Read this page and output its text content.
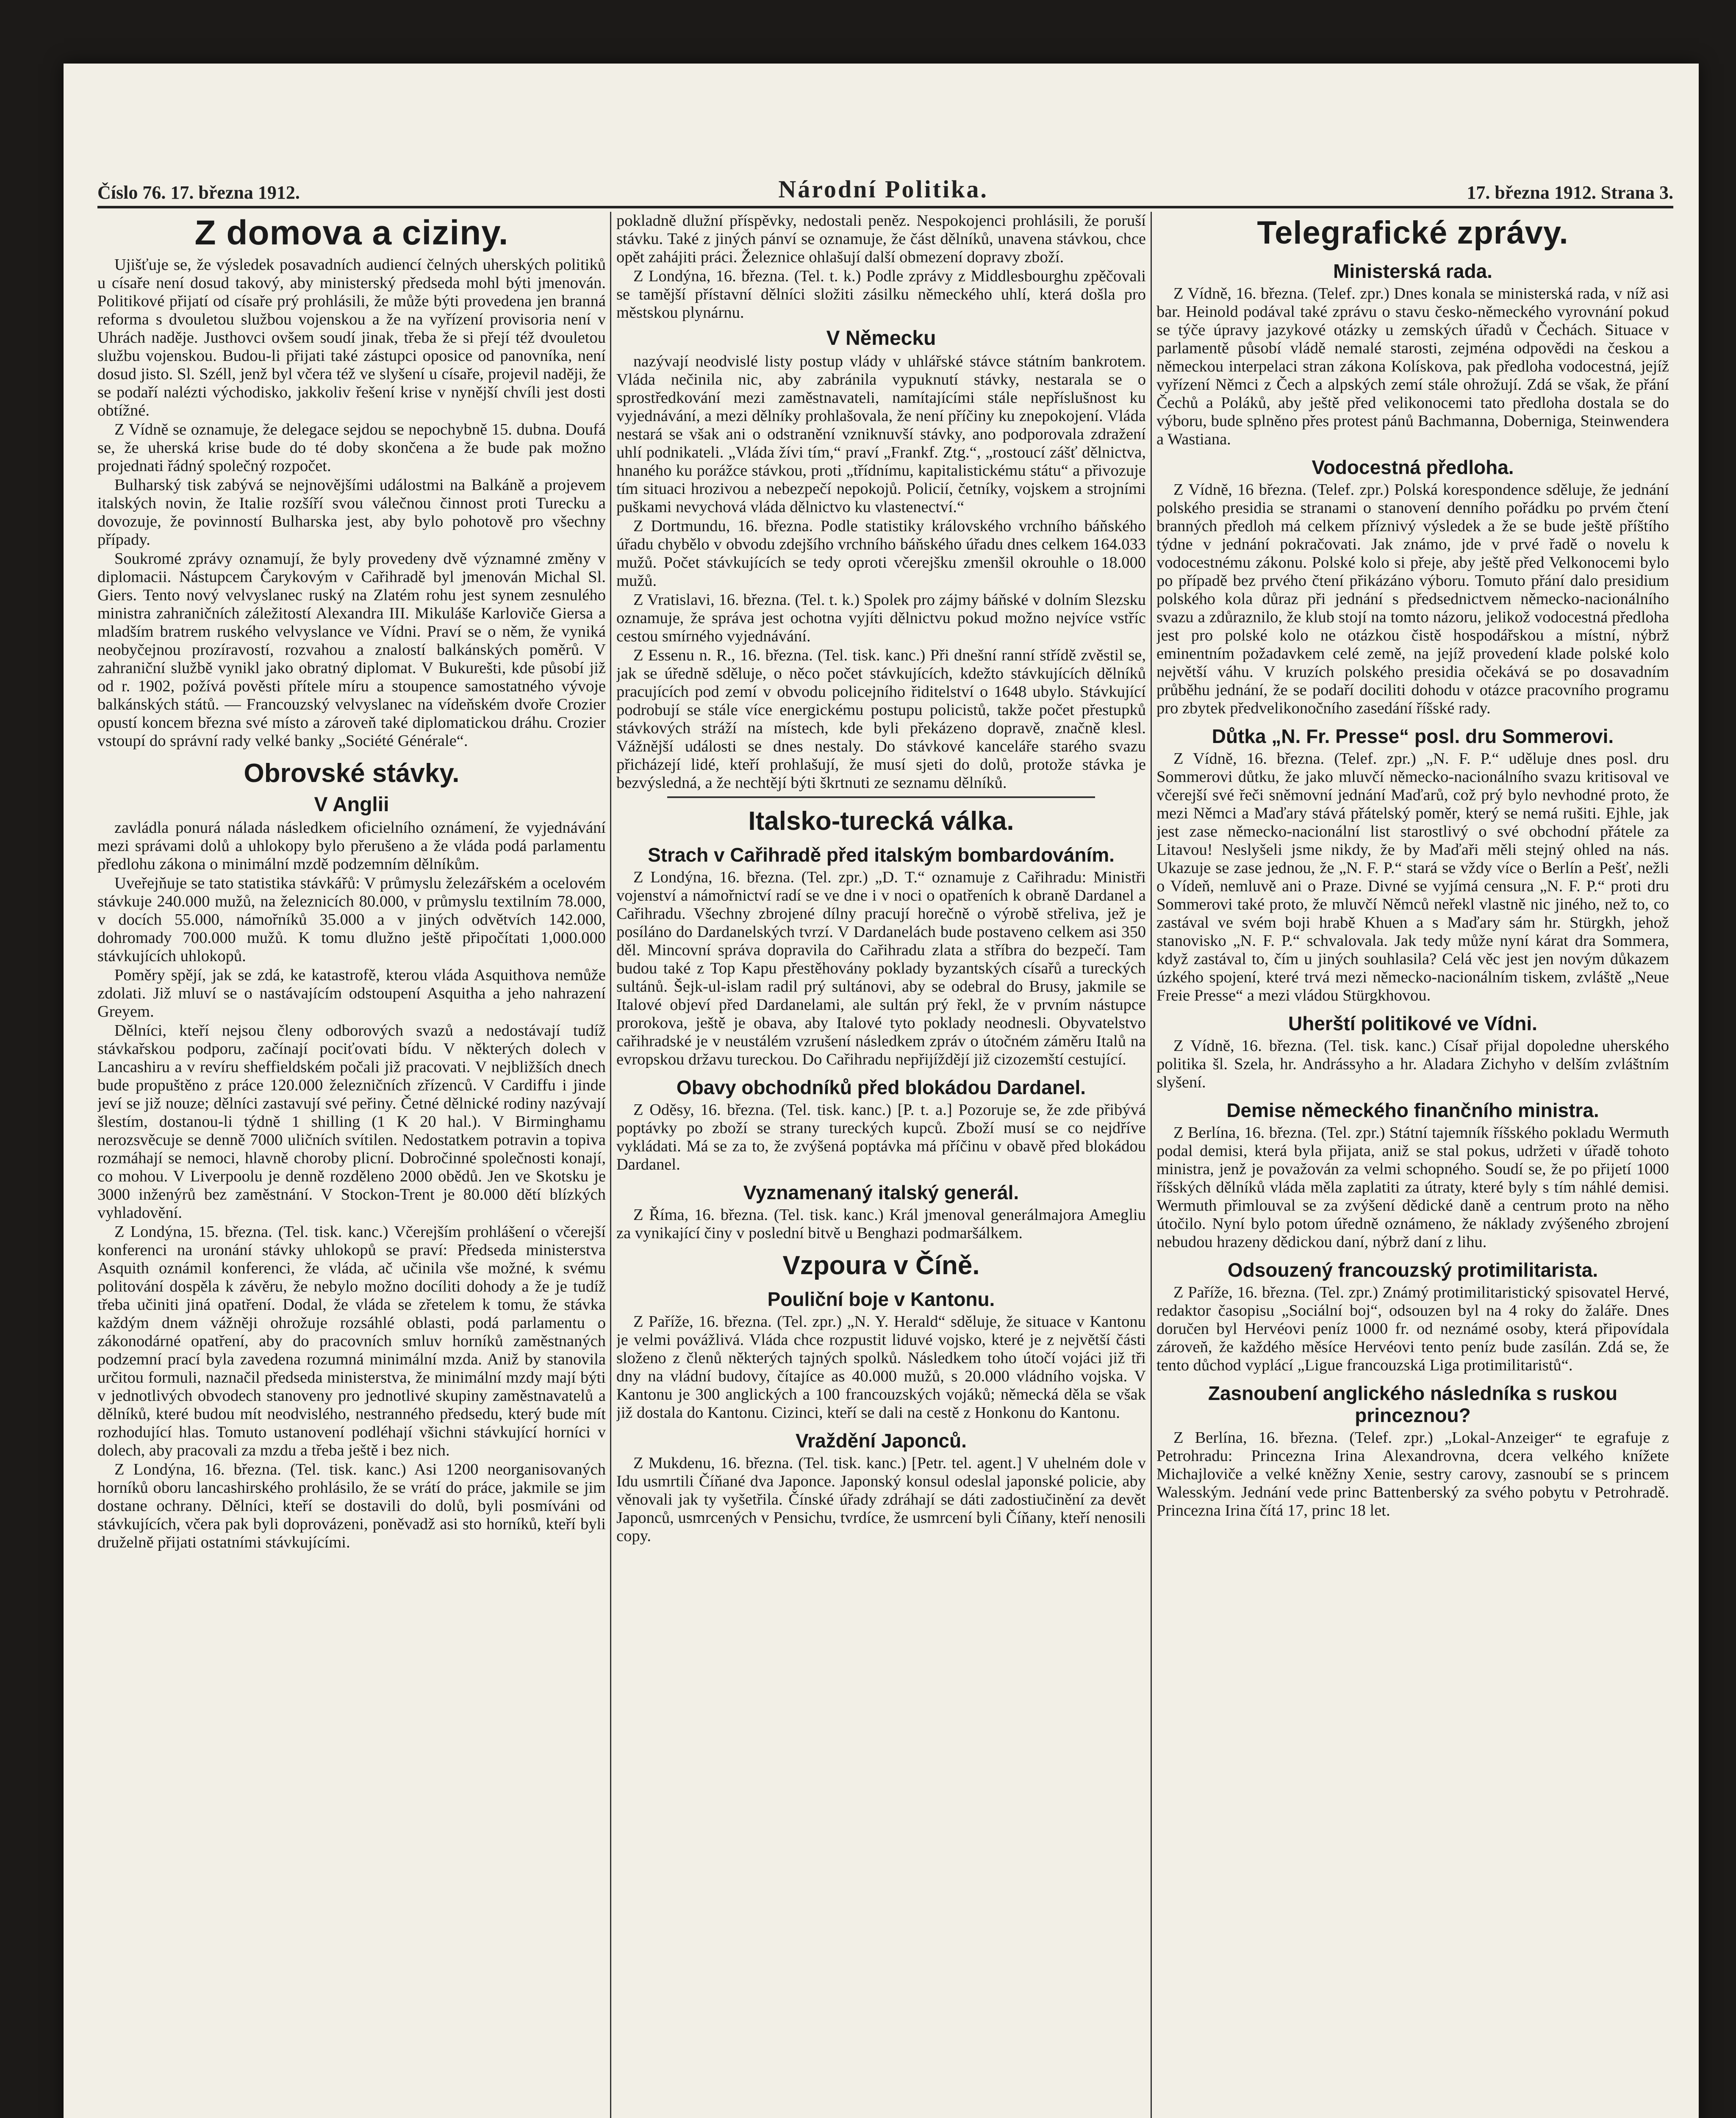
Číslo 76. 17. března 1912.	Národní Politika.	17. března 1912. Strana 3.
Z domova a ciziny.

Ujišťuje se, že výsledek posavadních audiencí čelných uherských politiků u císaře není dosud takový, aby ministerský předseda mohl býti jmenován. Politikové přijatí od císaře prý prohlásili, že může býti provedena jen branná reforma s dvouletou službou vojenskou a že na vyřízení provisoria není v Uhrách naděje. Justhovci ovšem soudí jinak, třeba že si přejí též dvouletou službu vojenskou. Budou-li přijati také zástupci oposice od panovníka, není dosud jisto. Sl. Széll, jenž byl včera též ve slyšení u císaře, projevil naději, že se podaří nalézti východisko, jakkoliv řešení krise v nynější chvíli jest dosti obtížné.

Z Vídně se oznamuje, že delegace sejdou se nepochybně 15. dubna. Doufá se, že uherská krise bude do té doby skončena a že bude pak možno projednati řádný společný rozpočet.

Bulharský tisk zabývá se nejnovějšími událostmi na Balkáně a projevem italských novin, že Italie rozšíří svou válečnou činnost proti Turecku a dovozuje, že povinností Bulharska jest, aby bylo pohotově pro všechny případy.

Soukromé zprávy oznamují, že byly provedeny dvě významné změny v diplomacii. Nástupcem Čarykovým v Cařihradě byl jmenován Michal Sl. Giers. Tento nový velvyslanec ruský na Zlatém rohu jest synem zesnulého ministra zahraničních záležitostí Alexandra III. Mikuláše Karloviče Giersa a mladším bratrem ruského velvyslance ve Vídni. Praví se o něm, že vyniká neobyčejnou prozíravostí, rozvahou a znalostí balkánských poměrů. V zahraniční službě vynikl jako obratný diplomat. V Bukurešti, kde působí již od r. 1902, požívá pověsti přítele míru a stoupence samostatného vývoje balkánských států. — Francouzský velvyslanec na vídeňském dvoře Crozier opustí koncem března své místo a zároveň také diplomatickou dráhu. Crozier vstoupí do správní rady velké banky „Société Générale“.

Obrovské stávky.
V Anglii

zavládla ponurá nálada následkem oficielního oznámení, že vyjednávání mezi správami dolů a uhlokopy bylo přerušeno a že vláda podá parlamentu předlohu zákona o minimální mzdě podzemním dělníkům.

Uveřejňuje se tato statistika stávkářů: V průmyslu železářském a ocelovém stávkuje 240.000 mužů, na železnicích 80.000, v průmyslu textilním 78.000, v docích 55.000, námořníků 35.000 a v jiných odvětvích 142.000, dohromady 700.000 mužů. K tomu dlužno ještě připočítati 1,000.000 stávkujících uhlokopů.

Poměry spějí, jak se zdá, ke katastrofě, kterou vláda Asquithova nemůže zdolati. Již mluví se o nastávajícím odstoupení Asquitha a jeho nahrazení Greyem.

Dělníci, kteří nejsou členy odborových svazů a nedostávají tudíž stávkařskou podporu, začínají pociťovati bídu. V některých dolech v Lancashiru a v revíru sheffieldském počali již pracovati. V nejbližších dnech bude propuštěno z práce 120.000 železničních zřízenců. V Cardiffu i jinde jeví se již nouze; dělníci zastavují své peřiny. Četné dělnické rodiny nazývají šlestím, dostanou-li týdně 1 shilling (1 K 20 hal.). V Birminghamu nerozsvěcuje se denně 7000 uličních svítilen. Nedostatkem potravin a topiva rozmáhají se nemoci, hlavně choroby plicní. Dobročinné společnosti konají, co mohou. V Liverpoolu je denně rozděleno 2000 obědů. Jen ve Skotsku je 3000 inženýrů bez zaměstnání. V Stockon-Trent je 80.000 dětí blízkých vyhladovění.

Z Londýna, 15. března. (Tel. tisk. kanc.) Včerejším prohlášení o včerejší konferenci na uronání stávky uhlokopů se praví: Předseda ministerstva Asquith oznámil konferenci, že vláda, ač učinila vše možné, k svému politování dospěla k závěru, že nebylo možno docíliti dohody a že je tudíž třeba učiniti jiná opatření. Dodal, že vláda se zřetelem k tomu, že stávka každým dnem vážněji ohrožuje rozsáhlé oblasti, podá parlamentu o zákonodárné opatření, aby do pracovních smluv horníků zaměstnaných podzemní prací byla zavedena rozumná minimální mzda. Aniž by stanovila určitou formuli, naznačil předseda ministerstva, že minimální mzdy mají býti v jednotlivých obvodech stanoveny pro jednotlivé skupiny zaměstnavatelů a dělníků, které budou mít neodvislého, nestranného předsedu, který bude mít rozhodující hlas. Tomuto ustanovení podléhají všichni stávkující horníci v dolech, aby pracovali za mzdu a třeba ještě i bez nich.

Z Londýna, 16. března. (Tel. tisk. kanc.) Asi 1200 neorganisovaných horníků oboru lancashirského prohlásilo, že se vrátí do práce, jakmile se jim dostane ochrany. Dělníci, kteří se dostavili do dolů, byli posmíváni od stávkujících, včera pak byli doprovázeni, poněvadž asi sto horníků, kteří byli druželně přijati ostatními stávkujícími.

pokladně dlužní příspěvky, nedostali peněz. Nespokojenci prohlásili, že poruší stávku. Také z jiných pánví se oznamuje, že část dělníků, unavena stávkou, chce opět zahájiti práci. Železnice ohlašují další obmezení dopravy zboží.

Z Londýna, 16. března. (Tel. t. k.) Podle zprávy z Middlesbourghu zpěčovali se tamější přístavní dělníci složiti zásilku německého uhlí, která došla pro městskou plynárnu.

V Německu

nazývají neodvislé listy postup vlády v uhlářské stávce státním bankrotem. Vláda nečinila nic, aby zabránila vypuknutí stávky, nestarala se o sprostředkování mezi zaměstnavateli, namítajícími stále nepříslušnost ku vyjednávání, a mezi dělníky prohlašovala, že není příčiny ku znepokojení. Vláda nestará se však ani o odstranění vzniknuvší stávky, ano podporovala zdražení uhlí podnikateli. „Vláda žívi tím,“ praví „Frankf. Ztg.“, „rostoucí zášť dělnictva, hnaného ku porážce stávkou, proti „třídnímu, kapitalistickému státu“ a přivozuje tím situaci hrozivou a nebezpečí nepokojů. Policií, četníky, vojskem a strojními puškami nevychová vláda dělnictvo ku vlastenectví.“

Z Dortmundu, 16. března. Podle statistiky královského vrchního báňského úřadu chybělo v obvodu zdejšího vrchního báňského úřadu dnes celkem 164.033 mužů. Počet stávkujících se tedy oproti včerejšku zmenšil okrouhle o 18.000 mužů.

Z Vratislavi, 16. března. (Tel. t. k.) Spolek pro zájmy báňské v dolním Slezsku oznamuje, že správa jest ochotna vyjíti dělnictvu pokud možno nejvíce vstříc cestou smírného vyjednávání.

Z Essenu n. R., 16. března. (Tel. tisk. kanc.) Při dnešní ranní střídě zvěstil se, jak se úředně sděluje, o něco počet stávkujících, kdežto stávkujících dělníků pracujících pod zemí v obvodu policejního řiditelství o 1648 ubylo. Stávkující podrobují se stále více energickému postupu policistů, takže počet přestupků stávkových stráží na místech, kde byli překázeno dopravě, značně klesl. Vážnější události se dnes nestaly. Do stávkové kanceláře starého svazu přicházejí lidé, kteří prohlašují, že musí sjeti do dolů, protože stávka je bezvýsledná, a že nechtějí býti škrtnuti ze seznamu dělníků.

Italsko-turecká válka.
Strach v Cařihradě před italským bombardováním.

Z Londýna, 16. března. (Tel. zpr.) „D. T.“ oznamuje z Cařihradu: Ministři vojenství a námořnictví radí se ve dne i v noci o opatřeních k obraně Dardanel a Cařihradu. Všechny zbrojené dílny pracují horečně o výrobě střeliva, jež je posíláno do Dardanelských tvrzí. V Dardanelách bude postaveno celkem asi 350 děl. Mincovní správa dopravila do Cařihradu zlata a stříbra do bezpečí. Tam budou také z Top Kapu přestěhovány poklady byzantských císařů a tureckých sultánů. Šejk-ul-islam radil prý sultánovi, aby se odebral do Brusy, jakmile se Italové objeví před Dardanelami, ale sultán prý řekl, že v prvním nástupce prorokova, ještě je obava, aby Italové tyto poklady neodnesli. Obyvatelstvo cařihradské je v neustálém vzrušení následkem zpráv o útočném záměru Italů na evropskou državu tureckou. Do Cařihradu nepřijíždějí již cizozemští cestující.

Obavy obchodníků před blokádou Dardanel.

Z Oděsy, 16. března. (Tel. tisk. kanc.) [P. t. a.] Pozoruje se, že zde přibývá poptávky po zboží se strany tureckých kupců. Zboží musí se co nejdříve vykládati. Má se za to, že zvýšená poptávka má příčinu v obavě před blokádou Dardanel.

Vyznamenaný italský generál.

Z Říma, 16. března. (Tel. tisk. kanc.) Král jmenoval generálmajora Amegliu za vynikající činy v poslední bitvě u Benghazi podmaršálkem.

Vzpoura v Číně.
Pouliční boje v Kantonu.

Z Paříže, 16. března. (Tel. zpr.) „N. Y. Herald“ sděluje, že situace v Kantonu je velmi povážlivá. Vláda chce rozpustit liduvé vojsko, které je z největší části složeno z členů některých tajných spolků. Následkem toho útočí vojáci již tři dny na vládní budovy, čítajíce as 40.000 mužů, s 20.000 vládního vojska. V Kantonu je 300 anglických a 100 francouzských vojáků; německá děla se však již dostala do Kantonu. Cizinci, kteří se dali na cestě z Honkonu do Kantonu.

Vraždění Japonců.

Z Mukdenu, 16. března. (Tel. tisk. kanc.) [Petr. tel. agent.] V uhelném dole v Idu usmrtili Číňané dva Japonce. Japonský konsul odeslal japonské policie, aby věnovali jak ty vyšetřila. Čínské úřady zdráhají se dáti zadostiučinění za devět Japonců, usmrcených v Pensichu, tvrdíce, že usmrcení byli Číňany, kteří nenosili copy.

Telegrafické zprávy.
Ministerská rada.

Z Vídně, 16. března. (Telef. zpr.) Dnes konala se ministerská rada, v níž asi bar. Heinold podával také zprávu o stavu česko-německého vyrovnání pokud se týče úpravy jazykové otázky u zemských úřadů v Čechách. Situace v parlamentě působí vládě nemalé starosti, zejména odpovědi na českou a německou interpelaci stran zákona Kolískova, pak předloha vodocestná, jejíž vyřízení Němci z Čech a alpských zemí stále ohrožují. Zdá se však, že přání Čechů a Poláků, aby ještě před velikonocemi tato předloha dostala se do výboru, bude splněno přes protest pánů Bachmanna, Doberniga, Steinwendera a Wastiana.

Vodocestná předloha.

Z Vídně, 16 března. (Telef. zpr.) Polská korespondence sděluje, že jednání polského presidia se stranami o stanovení denního pořádku po prvém čtení branných předloh má celkem příznivý výsledek a že se bude ještě příštího týdne v jednání pokračovati. Jak známo, jde v prvé řadě o novelu k vodocestnému zákonu. Polské kolo si přeje, aby ještě před Velkonocemi bylo po případě bez prvého čtení přikázáno výboru. Tomuto přání dalo presidium polského kola důraz při jednání s předsednictvem německo-nacionálního svazu a zdůraznilo, že klub stojí na tomto názoru, jelikož vodocestná předloha jest pro polské kolo ne otázkou čistě hospodářskou a místní, nýbrž eminentním požadavkem celé země, na jejíž provedení klade polské kolo největší váhu. V kruzích polského presidia očekává se po dosavadním průběhu jednání, že se podaří dociliti dohodu v otázce pracovního programu pro zbytek předvelikonočního zasedání říšské rady.

Důtka „N. Fr. Presse“ posl. dru Sommerovi.

Z Vídně, 16. března. (Telef. zpr.) „N. F. P.“ uděluje dnes posl. dru Sommerovi důtku, že jako mluvčí německo-nacionálního svazu kritisoval ve včerejší své řeči sněmovní jednání Maďarů, což prý bylo nevhodné proto, že mezi Němci a Maďary stává přátelský poměr, který se nemá rušiti. Ejhle, jak jest zase německo-nacionální list starostlivý o své obchodní přátele za Litavou! Neslyšeli jsme nikdy, že by Maďaři měli stejný ohled na nás. Ukazuje se zase jednou, že „N. F. P.“ stará se vždy více o Berlín a Pešť, nežli o Vídeň, nemluvě ani o Praze. Divné se vyjímá censura „N. F. P.“ proti dru Sommerovi také proto, že mluvčí Němců neřekl vlastně nic jiného, než to, co zastával ve svém boji hrabě Khuen a s Maďary sám hr. Stürgkh, jehož stanovisko „N. F. P.“ schvalovala. Jak tedy může nyní kárat dra Sommera, když zastával to, čím u jiných souhlasila? Celá věc jest jen novým důkazem úzkého spojení, které trvá mezi německo-nacionálním tiskem, zvláště „Neue Freie Presse“ a mezi vládou Stürgkhovou.

Uherští politikové ve Vídni.

Z Vídně, 16. března. (Tel. tisk. kanc.) Císař přijal dopoledne uherského politika šl. Szela, hr. Andrássyho a hr. Aladara Zichyho v delším zvláštním slyšení.

Demise německého finančního ministra.

Z Berlína, 16. března. (Tel. zpr.) Státní tajemník říšského pokladu Wermuth podal demisi, která byla přijata, aniž se stal pokus, udržeti v úřadě tohoto ministra, jenž je považován za velmi schopného. Soudí se, že po přijetí 1000 říšských dělníků vláda měla zaplatiti za útraty, které byly s tím náhlé demisi. Wermuth přimlouval se za zvýšení dědické daně a centrum proto na něho útočilo. Nyní bylo potom úředně oznámeno, že náklady zvýšeného zbrojení nebudou hrazeny dědickou daní, nýbrž daní z lihu.

Odsouzený francouzský protimilitarista.

Z Paříže, 16. března. (Tel. zpr.) Známý protimilitaristický spisovatel Hervé, redaktor časopisu „Sociální boj“, odsouzen byl na 4 roky do žaláře. Dnes doručen byl Hervéovi peníz 1000 fr. od neznámé osoby, která připovídala zároveň, že každého měsíce Hervéovi tento peníz bude zasílán. Zdá se, že tento důchod vyplácí „Ligue francouzská Liga protimilitaristů“.

Zasnoubení anglického následníka s ruskou princeznou?

Z Berlína, 16. března. (Telef. zpr.) „Lokal-Anzeiger“ te egrafuje z Petrohradu: Princezna Irina Alexandrovna, dcera velkého knížete Michajloviče a velké kněžny Xenie, sestry carovy, zasnoubí se s princem Walesským. Jednání vede princ Battenberský za svého pobytu v Petrohradě. Princezna Irina čítá 17, princ 18 let.
